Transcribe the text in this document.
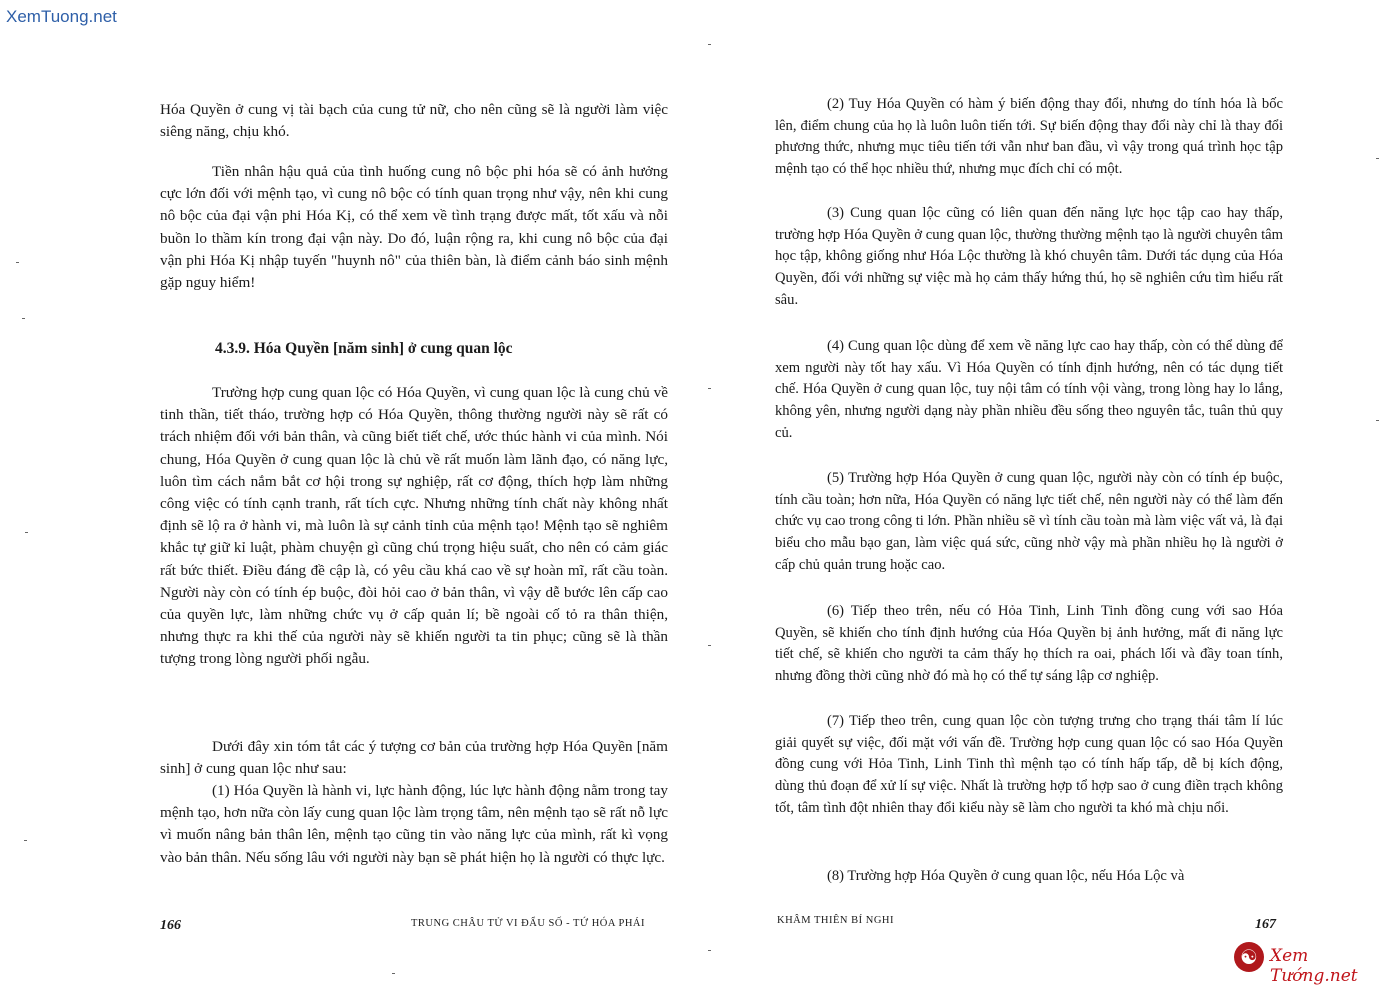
XemTuong.net

Hóa Quyền ở cung vị tài bạch của cung tử nữ, cho nên cũng sẽ là người làm việc siêng năng, chịu khó.

Tiền nhân hậu quả của tình huống cung nô bộc phi hóa sẽ có ảnh hưởng cực lớn đối với mệnh tạo, vì cung nô bộc có tính quan trọng như vậy, nên khi cung nô bộc của đại vận phi Hóa Kị, có thể xem về tình trạng được mất, tốt xấu và nỗi buồn lo thầm kín trong đại vận này. Do đó, luận rộng ra, khi cung nô bộc của đại vận phi Hóa Kị nhập tuyến "huynh nô" của thiên bàn, là điểm cảnh báo sinh mệnh gặp nguy hiểm!

4.3.9. Hóa Quyền [năm sinh] ở cung quan lộc

Trường hợp cung quan lộc có Hóa Quyền, vì cung quan lộc là cung chủ về tinh thần, tiết tháo, trường hợp có Hóa Quyền, thông thường người này sẽ rất có trách nhiệm đối với bản thân, và cũng biết tiết chế, ước thúc hành vi của mình. Nói chung, Hóa Quyền ở cung quan lộc là chủ về rất muốn làm lãnh đạo, có năng lực, luôn tìm cách nắm bắt cơ hội trong sự nghiệp, rất cơ động, thích hợp làm những công việc có tính cạnh tranh, rất tích cực. Nhưng những tính chất này không nhất định sẽ lộ ra ở hành vi, mà luôn là sự cảnh tỉnh của mệnh tạo! Mệnh tạo sẽ nghiêm khắc tự giữ kỉ luật, phàm chuyện gì cũng chú trọng hiệu suất, cho nên có cảm giác rất bức thiết. Điều đáng đề cập là, có yêu cầu khá cao về sự hoàn mĩ, rất cầu toàn. Người này còn có tính ép buộc, đòi hỏi cao ở bản thân, vì vậy dễ bước lên cấp cao của quyền lực, làm những chức vụ ở cấp quản lí; bề ngoài cố tỏ ra thân thiện, nhưng thực ra khi thế của người này sẽ khiến người ta tin phục; cũng sẽ là thần tượng trong lòng người phối ngẫu.

Dưới đây xin tóm tắt các ý tượng cơ bản của trường hợp Hóa Quyền [năm sinh] ở cung quan lộc như sau:

(1) Hóa Quyền là hành vi, lực hành động, lúc lực hành động nằm trong tay mệnh tạo, hơn nữa còn lấy cung quan lộc làm trọng tâm, nên mệnh tạo sẽ rất nỗ lực vì muốn nâng bản thân lên, mệnh tạo cũng tin vào năng lực của mình, rất kì vọng vào bản thân. Nếu sống lâu với người này bạn sẽ phát hiện họ là người có thực lực.

166	TRUNG CHÂU TỬ VI ĐẨU SỐ - TỨ HÓA PHÁI

(2) Tuy Hóa Quyền có hàm ý biến động thay đổi, nhưng do tính hóa là bốc lên, điểm chung của họ là luôn luôn tiến tới. Sự biến động thay đổi này chỉ là thay đổi phương thức, nhưng mục tiêu tiến tới vẫn như ban đầu, vì vậy trong quá trình học tập mệnh tạo có thể học nhiều thứ, nhưng mục đích chỉ có một.

(3) Cung quan lộc cũng có liên quan đến năng lực học tập cao hay thấp, trường hợp Hóa Quyền ở cung quan lộc, thường thường mệnh tạo là người chuyên tâm học tập, không giống như Hóa Lộc thường là khó chuyên tâm. Dưới tác dụng của Hóa Quyền, đối với những sự việc mà họ cảm thấy hứng thú, họ sẽ nghiên cứu tìm hiểu rất sâu.

(4) Cung quan lộc dùng để xem về năng lực cao hay thấp, còn có thể dùng để xem người này tốt hay xấu. Vì Hóa Quyền có tính định hướng, nên có tác dụng tiết chế. Hóa Quyền ở cung quan lộc, tuy nội tâm có tính vội vàng, trong lòng hay lo lắng, không yên, nhưng người dạng này phần nhiều đều sống theo nguyên tắc, tuân thủ quy củ.

(5) Trường hợp Hóa Quyền ở cung quan lộc, người này còn có tính ép buộc, tính cầu toàn; hơn nữa, Hóa Quyền có năng lực tiết chế, nên người này có thể làm đến chức vụ cao trong công ti lớn. Phần nhiều sẽ vì tính cầu toàn mà làm việc vất vả, là đại biểu cho mẫu bạo gan, làm việc quá sức, cũng nhờ vậy mà phần nhiều họ là người ở cấp chủ quản trung hoặc cao.

(6) Tiếp theo trên, nếu có Hỏa Tinh, Linh Tinh đồng cung với sao Hóa Quyền, sẽ khiến cho tính định hướng của Hóa Quyền bị ảnh hưởng, mất đi năng lực tiết chế, sẽ khiến cho người ta cảm thấy họ thích ra oai, phách lối và đầy toan tính, nhưng đồng thời cũng nhờ đó mà họ có thể tự sáng lập cơ nghiệp.

(7) Tiếp theo trên, cung quan lộc còn tượng trưng cho trạng thái tâm lí lúc giải quyết sự việc, đối mặt với vấn đề. Trường hợp cung quan lộc có sao Hóa Quyền đồng cung với Hỏa Tinh, Linh Tinh thì mệnh tạo có tính hấp tấp, dễ bị kích động, dùng thủ đoạn để xử lí sự việc. Nhất là trường hợp tổ hợp sao ở cung điền trạch không tốt, tâm tình đột nhiên thay đổi kiểu này sẽ làm cho người ta khó mà chịu nổi.

(8) Trường hợp Hóa Quyền ở cung quan lộc, nếu Hóa Lộc và

KHÂM THIÊN BÍ NGHI	167
☯ Xem Tướng.net
